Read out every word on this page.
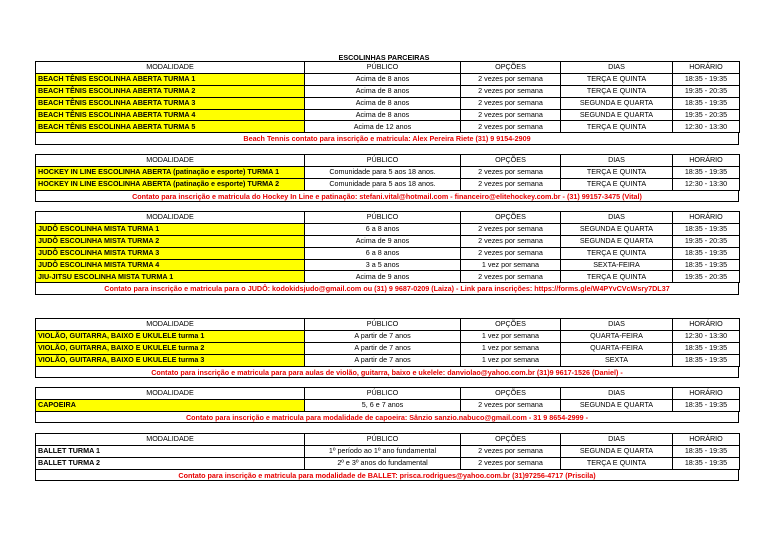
ESCOLINHAS PARCEIRAS
MODALIDADE	PÚBLICO	OPÇÕES	DIAS	HORÁRIO
BEACH TÊNIS ESCOLINHA ABERTA TURMA 1	Acima de 8 anos	2 vezes por semana	TERÇA E QUINTA	18:35 - 19:35
BEACH TÊNIS ESCOLINHA ABERTA TURMA 2	Acima de 8 anos	2 vezes por semana	TERÇA E QUINTA	19:35 - 20:35
BEACH TÊNIS ESCOLINHA ABERTA TURMA 3	Acima de 8 anos	2 vezes por semana	SEGUNDA E QUARTA	18:35 - 19:35
BEACH TÊNIS ESCOLINHA ABERTA TURMA 4	Acima de 8 anos	2 vezes por semana	SEGUNDA E QUARTA	19:35 - 20:35
BEACH TÊNIS ESCOLINHA ABERTA TURMA 5	Acima de 12 anos	2 vezes por semana	TERÇA E QUINTA	12:30 - 13:30
Beach Tennis contato para inscrição e matricula: Alex Pereira Riete (31) 9 9154-2909
MODALIDADE	PÚBLICO	OPÇÕES	DIAS	HORÁRIO
HOCKEY IN LINE ESCOLINHA ABERTA (patinação e esporte) TURMA 1	Comunidade para 5 aos 18 anos.	2 vezes por semana	TERÇA E QUINTA	18:35 - 19:35
HOCKEY IN LINE ESCOLINHA ABERTA (patinação e esporte) TURMA 2	Comunidade para 5 aos 18 anos.	2 vezes por semana	TERÇA E QUINTA	12:30 - 13:30
Contato para inscrição e matricula do Hockey In Line e patinação: stefani.vital@hotmail.com - financeiro@elitehockey.com.br - (31) 99157-3475 (Vital)
MODALIDADE	PÚBLICO	OPÇÕES	DIAS	HORÁRIO
JUDÔ ESCOLINHA MISTA TURMA 1	6 a 8 anos	2 vezes por semana	SEGUNDA E QUARTA	18:35 - 19:35
JUDÔ ESCOLINHA MISTA TURMA 2	Acima de 9 anos	2 vezes por semana	SEGUNDA E QUARTA	19:35 - 20:35
JUDÔ ESCOLINHA MISTA TURMA 3	6 a 8 anos	2 vezes por semana	TERÇA E QUINTA	18:35 - 19:35
JUDÔ ESCOLINHA MISTA TURMA 4	3 a 5 anos	1 vez por semana	SEXTA-FEIRA	18:35 - 19:35
JIU-JITSU ESCOLINHA MISTA TURMA 1	Acima de 9 anos	2 vezes por semana	TERÇA E QUINTA	19:35 - 20:35
Contato para inscrição e matricula para o JUDÔ: kodokidsjudo@gmail.com ou (31) 9 9687-0209 (Laiza) - Link para inscrições: https://forms.gle/W4PYvCVcWsry7DL37
MODALIDADE	PÚBLICO	OPÇÕES	DIAS	HORÁRIO
VIOLÃO, GUITARRA, BAIXO E UKULELE turma 1	A partir de 7 anos	1 vez por semana	QUARTA-FEIRA	12:30 - 13:30
VIOLÃO, GUITARRA, BAIXO E UKULELE turma 2	A partir de 7 anos	1 vez por semana	QUARTA-FEIRA	18:35 - 19:35
VIOLÃO, GUITARRA, BAIXO E UKULELE turma 3	A partir de 7 anos	1 vez por semana	SEXTA	18:35 - 19:35
Contato para inscrição e matricula para para aulas de violão, guitarra, baixo e ukelele: danviolao@yahoo.com.br (31)9 9617-1526 (Daniel) -
MODALIDADE	PÚBLICO	OPÇÕES	DIAS	HORÁRIO
CAPOEIRA	5, 6 e 7 anos	2 vezes por semana	SEGUNDA E QUARTA	18:35 - 19:35
Contato para inscrição e matricula para modalidade de capoeira: Sânzio sanzio.nabuco@gmail.com - 31 9 8654-2999 -
MODALIDADE	PÚBLICO	OPÇÕES	DIAS	HORÁRIO
BALLET TURMA 1	1º período ao 1º ano fundamental	2 vezes por semana	SEGUNDA E QUARTA	18:35 - 19:35
BALLET TURMA 2	2º e 3º anos do fundamental	2 vezes por semana	TERÇA E QUINTA	18:35 - 19:35
Contato para inscrição e matricula para modalidade de BALLET: prisca.rodrigues@yahoo.com.br (31)97256-4717 (Priscila)
